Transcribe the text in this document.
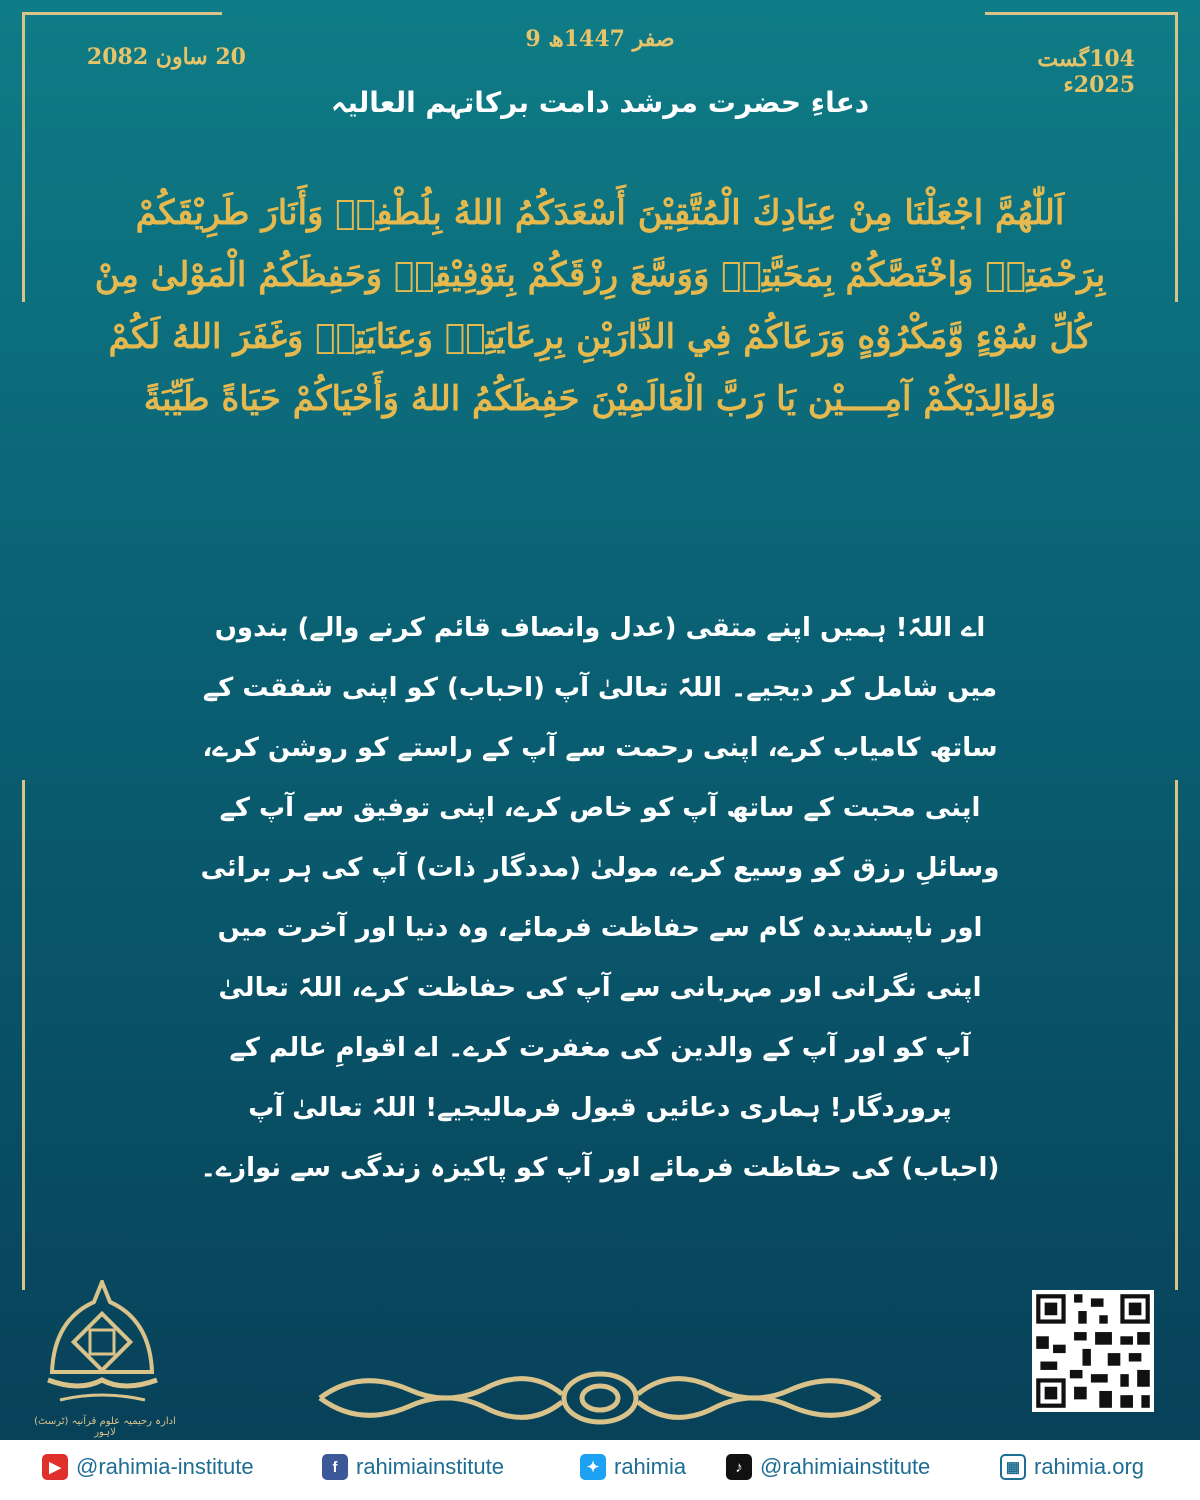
9 صفر 1447ھ
20 ساون 2082	104گست 2025ء
دعاءِ حضرت مرشد دامت برکاتہم العالیہ
اَللّٰهُمَّ اجْعَلْنَا مِنْ عِبَادِكَ الْمُتَّقِيْنَ أَسْعَدَكُمُ اللهُ بِلُطْفِهٖ وَأَنَارَ طَرِيْقَكُمْ بِرَحْمَتِهٖ وَاخْتَصَّكُمْ بِمَحَبَّتِهٖ وَوَسَّعَ رِزْقَكُمْ بِتَوْفِيْقِهٖ وَحَفِظَكُمُ الْمَوْلىٰ مِنْ كُلِّ سُوْءٍ وَّمَكْرُوْهٍ وَرَعَاكُمْ فِي الدَّارَيْنِ بِرِعَايَتِهٖ وَعِنَايَتِهٖ وَغَفَرَ اللهُ لَكُمْ وَلِوَالِدَيْكُمْ آمِــــيْن يَا رَبَّ الْعَالَمِيْنَ حَفِظَكُمُ اللهُ وَأَحْيَاكُمْ حَيَاةً طَيِّبَةً
اے اللہّ! ہمیں اپنے متقی (عدل وانصاف قائم کرنے والے) بندوں میں شامل کر دیجیے۔ اللہّ تعالیٰ آپ (احباب) کو اپنی شفقت کے ساتھ کامیاب کرے، اپنی رحمت سے آپ کے راستے کو روشن کرے، اپنی محبت کے ساتھ آپ کو خاص کرے، اپنی توفیق سے آپ کے وسائلِ رزق کو وسیع کرے، مولیٰ (مددگار ذات) آپ کی ہر برائی اور ناپسندیدہ کام سے حفاظت فرمائے، وہ دنیا اور آخرت میں اپنی نگرانی اور مہربانی سے آپ کی حفاظت کرے، اللہّ تعالیٰ آپ کو اور آپ کے والدین کی مغفرت کرے۔ اے اقوامِ عالم کے پروردگار! ہماری دعائیں قبول فرمالیجیے! اللہّ تعالیٰ آپ (احباب) کی حفاظت فرمائے اور آپ کو پاکیزہ زندگی سے نوازے۔
ادارہ رحیمیہ علوم قرآنیہ (ٹرسٹ) لاہور
▶ @rahimia-institute	f rahimiainstitute	✦ rahimia	♪ @rahimiainstitute	▦ rahimia.org
